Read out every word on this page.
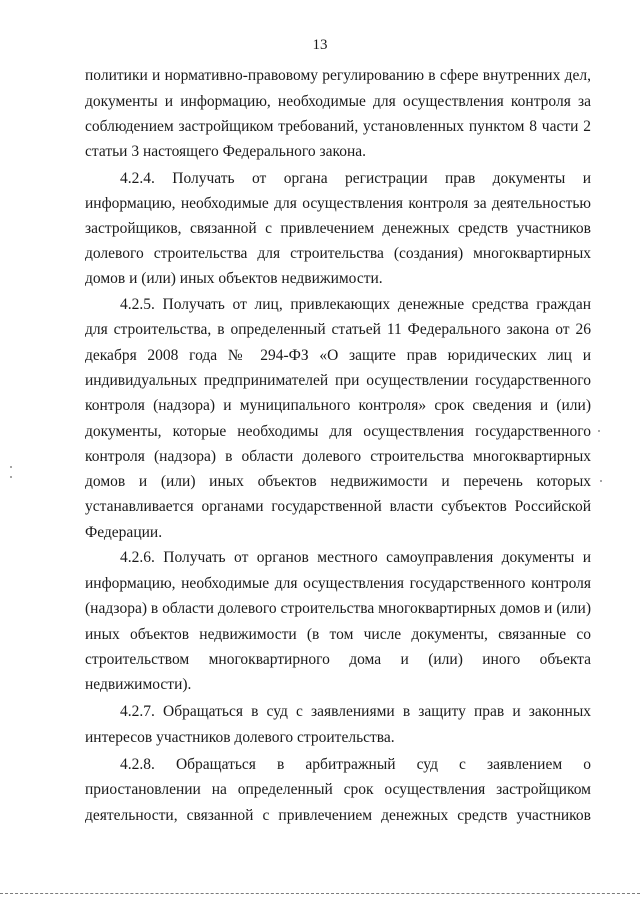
13
политики и нормативно-правовому регулированию в сфере внутренних дел,
документы и информацию, необходимые для осуществления контроля за
соблюдением застройщиком требований, установленных пунктом 8 части 2
статьи 3 настоящего Федерального закона.
4.2.4. Получать от органа регистрации прав документы и
информацию, необходимые для осуществления контроля за деятельностью
застройщиков, связанной с привлечением денежных средств участников
долевого строительства для строительства (создания) многоквартирных
домов и (или) иных объектов недвижимости.
4.2.5. Получать от лиц, привлекающих денежные средства граждан
для строительства, в определенный статьей 11 Федерального закона от 26
декабря 2008 года № 294-ФЗ «О защите прав юридических лиц и
индивидуальных предпринимателей при осуществлении государственного
контроля (надзора) и муниципального контроля» срок сведения и (или)
документы, которые необходимы для осуществления государственного
контроля (надзора) в области долевого строительства многоквартирных
домов и (или) иных объектов недвижимости и перечень которых
устанавливается органами государственной власти субъектов Российской
Федерации.
4.2.6. Получать от органов местного самоуправления документы и
информацию, необходимые для осуществления государственного контроля
(надзора) в области долевого строительства многоквартирных домов и (или)
иных объектов недвижимости (в том числе документы, связанные со
строительством многоквартирного дома и (или) иного объекта
недвижимости).
4.2.7. Обращаться в суд с заявлениями в защиту прав и законных
интересов участников долевого строительства.
4.2.8. Обращаться в арбитражный суд с заявлением о
приостановлении на определенный срок осуществления застройщиком
деятельности, связанной с привлечением денежных средств участников
